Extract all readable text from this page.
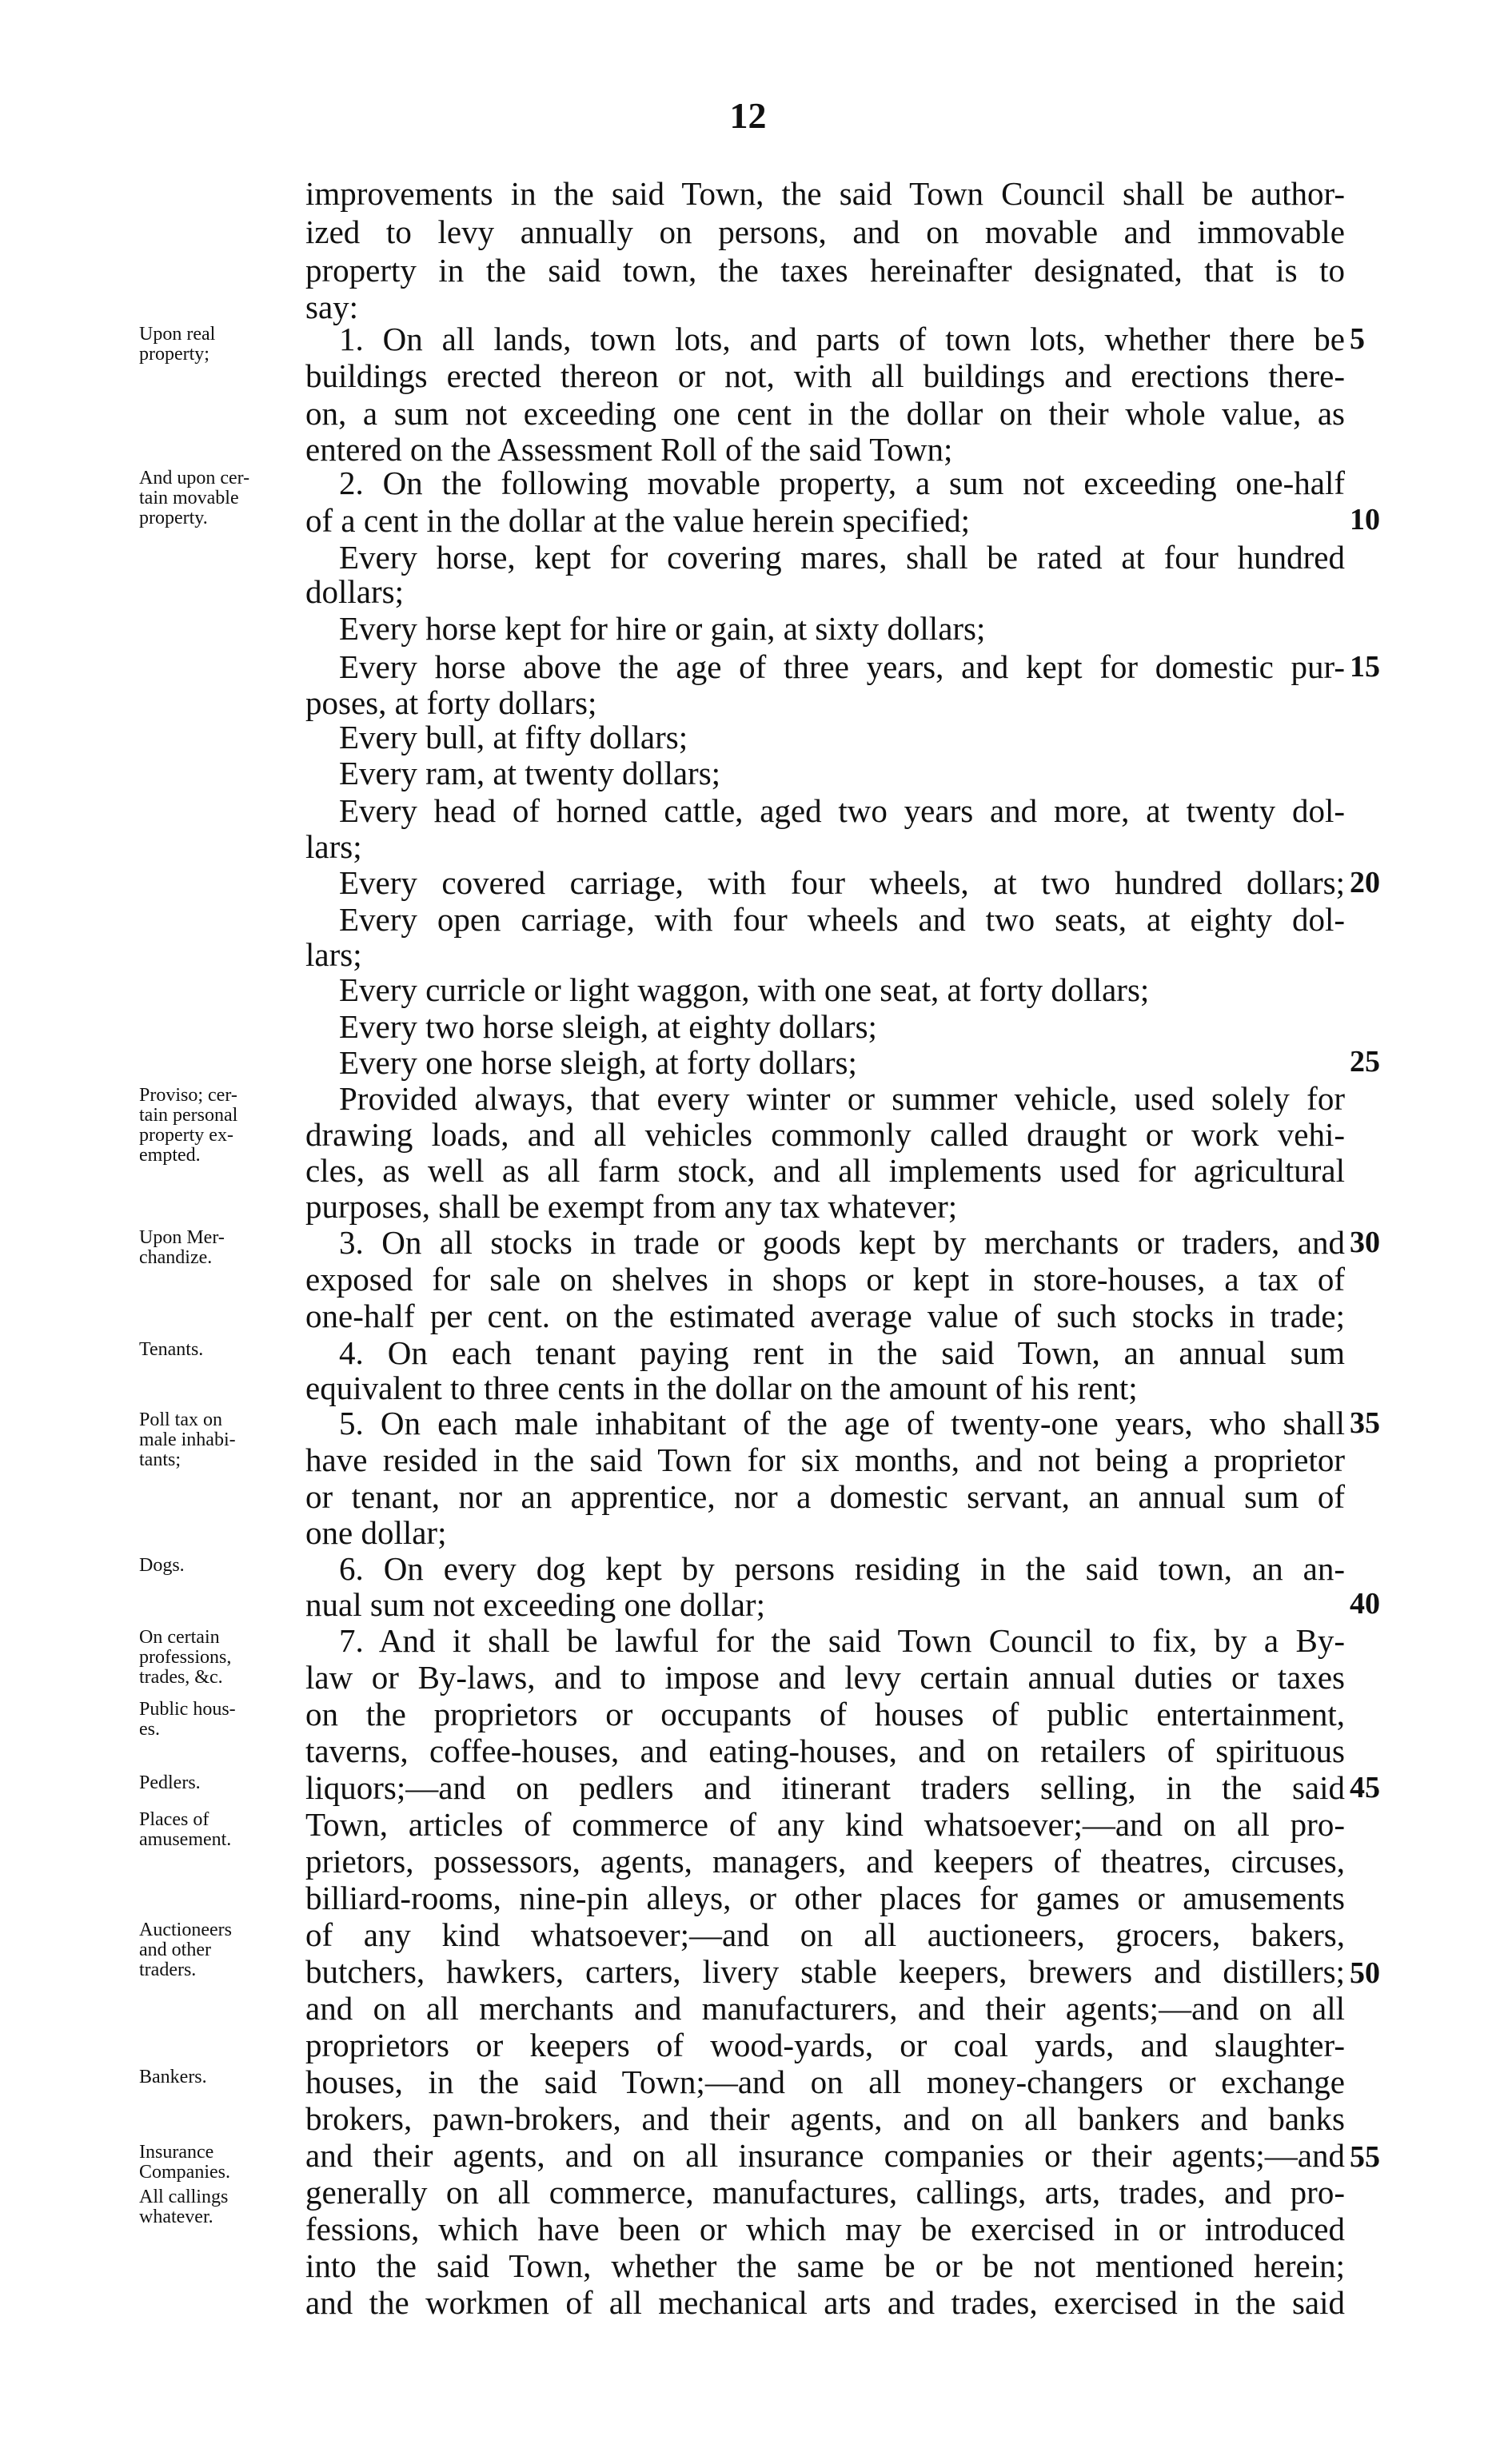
12
improvements in the said Town, the said Town Council shall be author-
ized to levy annually on persons, and on movable and immovable
property in the said town, the taxes hereinafter designated, that is to
say:
1. On all lands, town lots, and parts of town lots, whether there be
buildings erected thereon or not, with all buildings and erections there-
on, a sum not exceeding one cent in the dollar on their whole value, as
entered on the Assessment Roll of the said Town;
2. On the following movable property, a sum not exceeding one-half
of a cent in the dollar at the value herein specified;
Every horse, kept for covering mares, shall be rated at four hundred
dollars;
Every horse kept for hire or gain, at sixty dollars;
Every horse above the age of three years, and kept for domestic pur-
poses, at forty dollars;
Every bull, at fifty dollars;
Every ram, at twenty dollars;
Every head of horned cattle, aged two years and more, at twenty dol-
lars;
Every covered carriage, with four wheels, at two hundred dollars;
Every open carriage, with four wheels and two seats, at eighty dol-
lars;
Every curricle or light waggon, with one seat, at forty dollars;
Every two horse sleigh, at eighty dollars;
Every one horse sleigh, at forty dollars;
Provided always, that every winter or summer vehicle, used solely for
drawing loads, and all vehicles commonly called draught or work vehi-
cles, as well as all farm stock, and all implements used for agricultural
purposes, shall be exempt from any tax whatever;
3. On all stocks in trade or goods kept by merchants or traders, and
exposed for sale on shelves in shops or kept in store-houses, a tax of
one-half per cent. on the estimated average value of such stocks in trade;
4. On each tenant paying rent in the said Town, an annual sum
equivalent to three cents in the dollar on the amount of his rent;
5. On each male inhabitant of the age of twenty-one years, who shall
have resided in the said Town for six months, and not being a proprietor
or tenant, nor an apprentice, nor a domestic servant, an annual sum of
one dollar;
6. On every dog kept by persons residing in the said town, an an-
nual sum not exceeding one dollar;
7. And it shall be lawful for the said Town Council to fix, by a By-
law or By-laws, and to impose and levy certain annual duties or taxes
on the proprietors or occupants of houses of public entertainment,
taverns, coffee-houses, and eating-houses, and on retailers of spirituous
liquors;—and on pedlers and itinerant traders selling, in the said
Town, articles of commerce of any kind whatsoever;—and on all pro-
prietors, possessors, agents, managers, and keepers of theatres, circuses,
billiard-rooms, nine-pin alleys, or other places for games or amusements
of any kind whatsoever;—and on all auctioneers, grocers, bakers,
butchers, hawkers, carters, livery stable keepers, brewers and distillers;
and on all merchants and manufacturers, and their agents;—and on all
proprietors or keepers of wood-yards, or coal yards, and slaughter-
houses, in the said Town;—and on all money-changers or exchange
brokers, pawn-brokers, and their agents, and on all bankers and banks
and their agents, and on all insurance companies or their agents;—and
generally on all commerce, manufactures, callings, arts, trades, and pro-
fessions, which have been or which may be exercised in or introduced
into the said Town, whether the same be or be not mentioned herein;
and the workmen of all mechanical arts and trades, exercised in the said
Upon real
property;
And upon cer-
tain movable
property.
Proviso; cer-
tain personal
property ex-
empted.
Upon Mer-
chandize.
Tenants.
Poll tax on
male inhabi-
tants;
Dogs.
On certain
professions,
trades, &c.
Public hous-
es.
Pedlers.
Places of
amusement.
Auctioneers
and other
traders.
Bankers.
Insurance
Companies.
All callings
whatever.
5
10
15
20
25
30
35
40
45
50
55
